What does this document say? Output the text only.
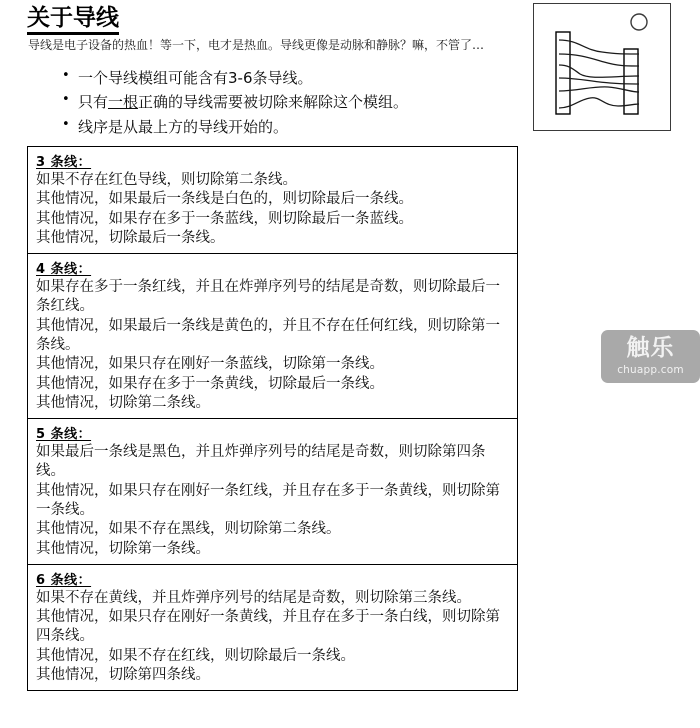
关于导线
导线是电子设备的热血！等一下，电才是热血。导线更像是动脉和静脉？嘛，不管了…
• 一个导线模组可能含有3-6条导线。
• 只有一根正确的导线需要被切除来解除这个模组。
• 线序是从最上方的导线开始的。
3 条线：

如果不存在红色导线，则切除第二条线。

其他情况，如果最后一条线是白色的，则切除最后一条线。

其他情况，如果存在多于一条蓝线，则切除最后一条蓝线。

其他情况，切除最后一条线。

4 条线：

如果存在多于一条红线，并且在炸弹序列号的结尾是奇数，则切除最后一条红线。

其他情况，如果最后一条线是黄色的，并且不存在任何红线，则切除第一条线。

其他情况，如果只存在刚好一条蓝线，切除第一条线。

其他情况，如果存在多于一条黄线，切除最后一条线。

其他情况，切除第二条线。

5 条线：

如果最后一条线是黑色，并且炸弹序列号的结尾是奇数，则切除第四条线。

其他情况，如果只存在刚好一条红线，并且存在多于一条黄线，则切除第一条线。

其他情况，如果不存在黑线，则切除第二条线。

其他情况，切除第一条线。

6 条线：

如果不存在黄线，并且炸弹序列号的结尾是奇数，则切除第三条线。

其他情况，如果只存在刚好一条黄线，并且存在多于一条白线，则切除第四条线。

其他情况，如果不存在红线，则切除最后一条线。

其他情况，切除第四条线。

触乐
chuapp.com
